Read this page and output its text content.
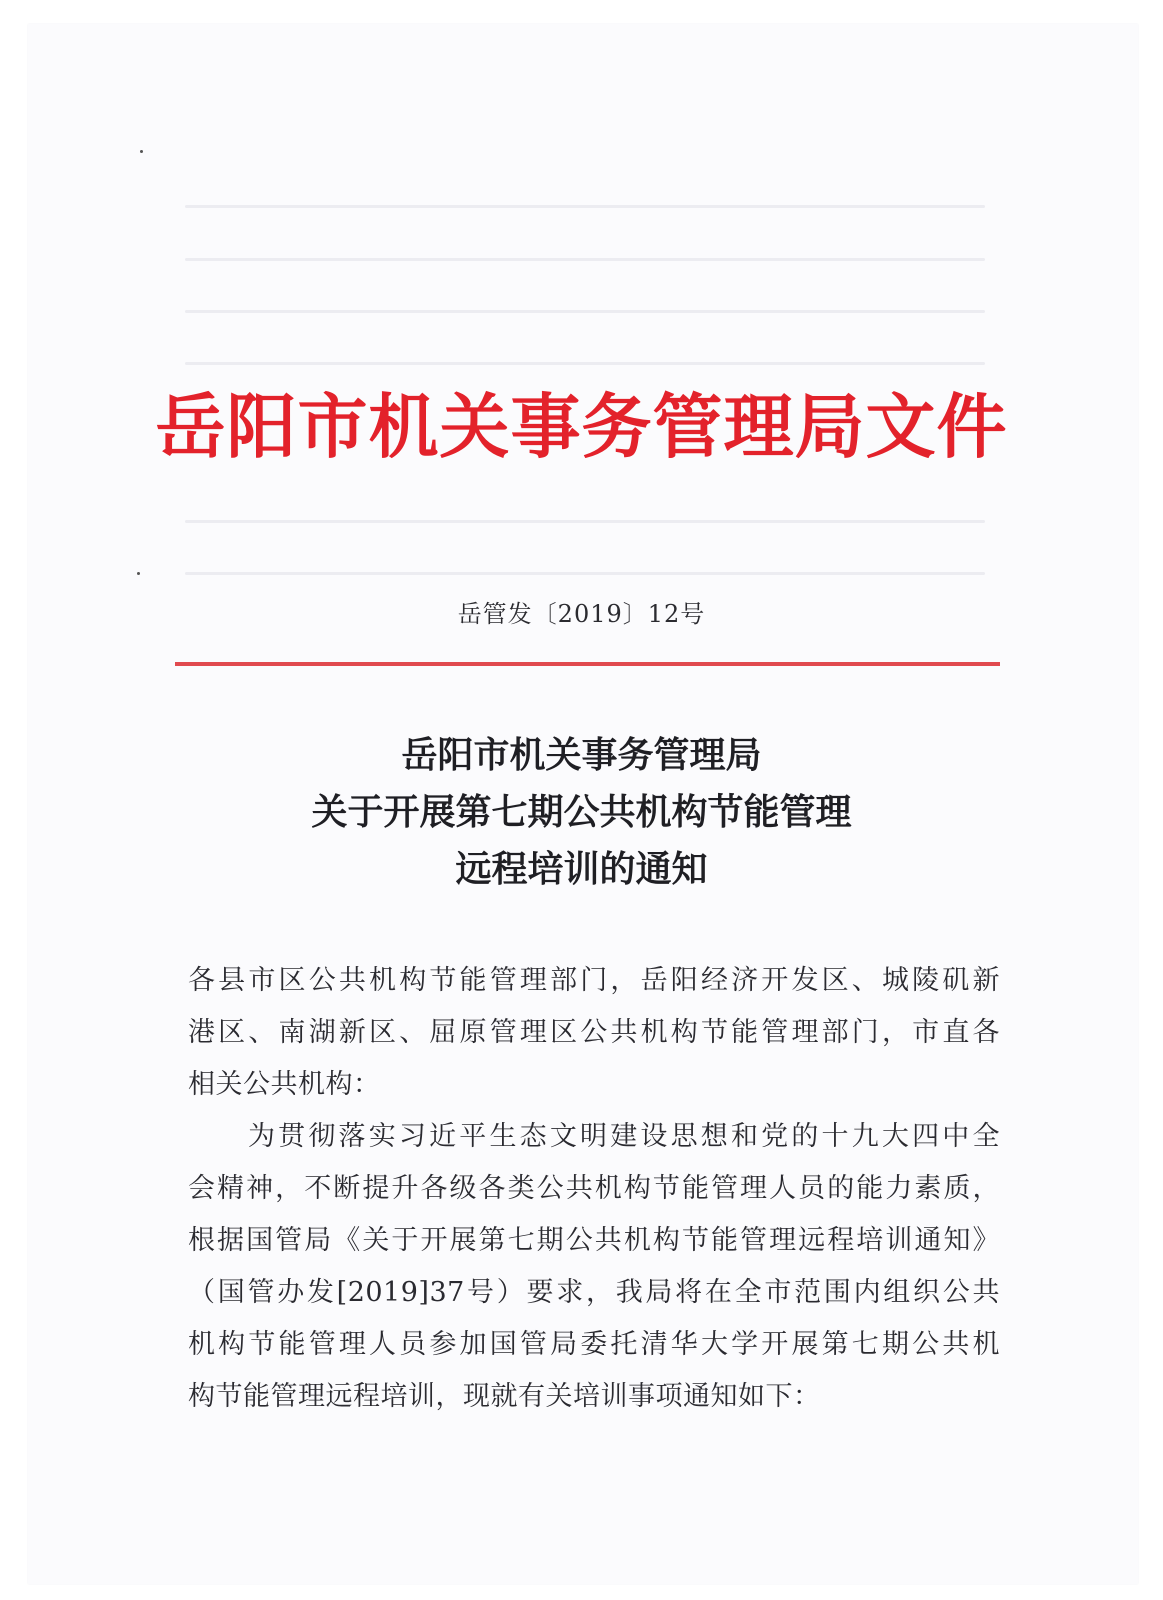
岳阳市机关事务管理局文件
岳管发〔2019〕12号
岳阳市机关事务管理局
关于开展第七期公共机构节能管理
远程培训的通知
各县市区公共机构节能管理部门，岳阳经济开发区、城陵矶新
港区、南湖新区、屈原管理区公共机构节能管理部门，市直各
相关公共机构：
为贯彻落实习近平生态文明建设思想和党的十九大四中全
会精神，不断提升各级各类公共机构节能管理人员的能力素质，
根据国管局《关于开展第七期公共机构节能管理远程培训通知》
（国管办发[2019]37号）要求，我局将在全市范围内组织公共
机构节能管理人员参加国管局委托清华大学开展第七期公共机
构节能管理远程培训，现就有关培训事项通知如下：
